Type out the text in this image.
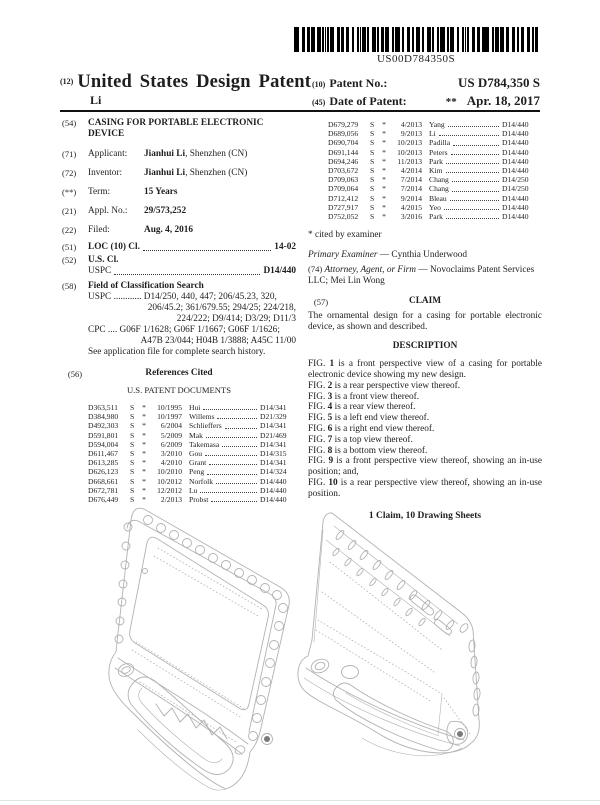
US00D784350S
(12) United States Design Patent
Li
(10) Patent No.:	US D784,350 S
(45) Date of Patent:	** Apr. 18, 2017
(54)	CASING FOR PORTABLE ELECTRONIC
DEVICE
(71)	Applicant: Jianhui Li, Shenzhen (CN)
(72)	Inventor: Jianhui Li, Shenzhen (CN)
(**)	Term:	15 Years
(21)	Appl. No.: 29/573,252
(22)	Filed:	Aug. 4, 2016
(51)	LOC (10) Cl.	14-02
(52)	U.S. Cl.
USPC	D14/440
(58)	Field of Classification Search
USPC ............ D14/250, 440, 447; 206/45.23, 320,
206/45.2; 361/679.55; 294/25; 224/218,
224/222; D9/414; D3/29; D11/3
CPC .... G06F 1/1628; G06F 1/1667; G06F 1/1626;
A47B 23/044; H04B 1/3888; A45C 11/00
See application file for complete search history.
(56)	References Cited
U.S. PATENT DOCUMENTS
D363,511	S	*	10/1995 Hui	D14/341
D384,980	S	*	10/1997 Willems	D21/329
D492,303	S	*	6/2004 Schlieffers	D14/341
D591,801	S	*	5/2009 Mak	D21/469
D594,004	S	*	6/2009 Takemasa	D14/341
D611,467	S	*	3/2010 Gou	D14/315
D613,285	S	*	4/2010 Grant	D14/341
D626,123	S	*	10/2010 Peng	D14/324
D668,661	S	*	10/2012 Norfolk	D14/440
D672,781	S	*	12/2012 Lu	D14/440
D676,449	S	*	2/2013 Probst	D14/440
D679,279	S	*	4/2013 Yang	D14/440
D689,056	S	*	9/2013 Li	D14/440
D690,704	S	*	10/2013 Padilla	D14/440
D691,144	S	*	10/2013 Peters	D14/440
D694,246	S	*	11/2013 Park	D14/440
D703,672	S	*	4/2014 Kim	D14/440
D709,063	S	*	7/2014 Chang	D14/250
D709,064	S	*	7/2014 Chang	D14/250
D712,412	S	*	9/2014 Bleau	D14/440
D727,917	S	*	4/2015 Yeo	D14/440
D752,052	S	*	3/2016 Park	D14/440
* cited by examiner
Primary Examiner — Cynthia Underwood
(74) Attorney, Agent, or Firm — Novoclaims Patent Services LLC; Mei Lin Wong
(57)	CLAIM
The ornamental design for a casing for portable electronic device, as shown and described.
DESCRIPTION
FIG. 1 is a front perspective view of a casing for portable electronic device showing my new design.
FIG. 2 is a rear perspective view thereof.
FIG. 3 is a front view thereof.
FIG. 4 is a rear view thereof.
FIG. 5 is a left end view thereof.
FIG. 6 is a right end view thereof.
FIG. 7 is a top view thereof.
FIG. 8 is a bottom view thereof.
FIG. 9 is a front perspective view thereof, showing an in-use position; and,
FIG. 10 is a rear perspective view thereof, showing an in-use position.
1 Claim, 10 Drawing Sheets
